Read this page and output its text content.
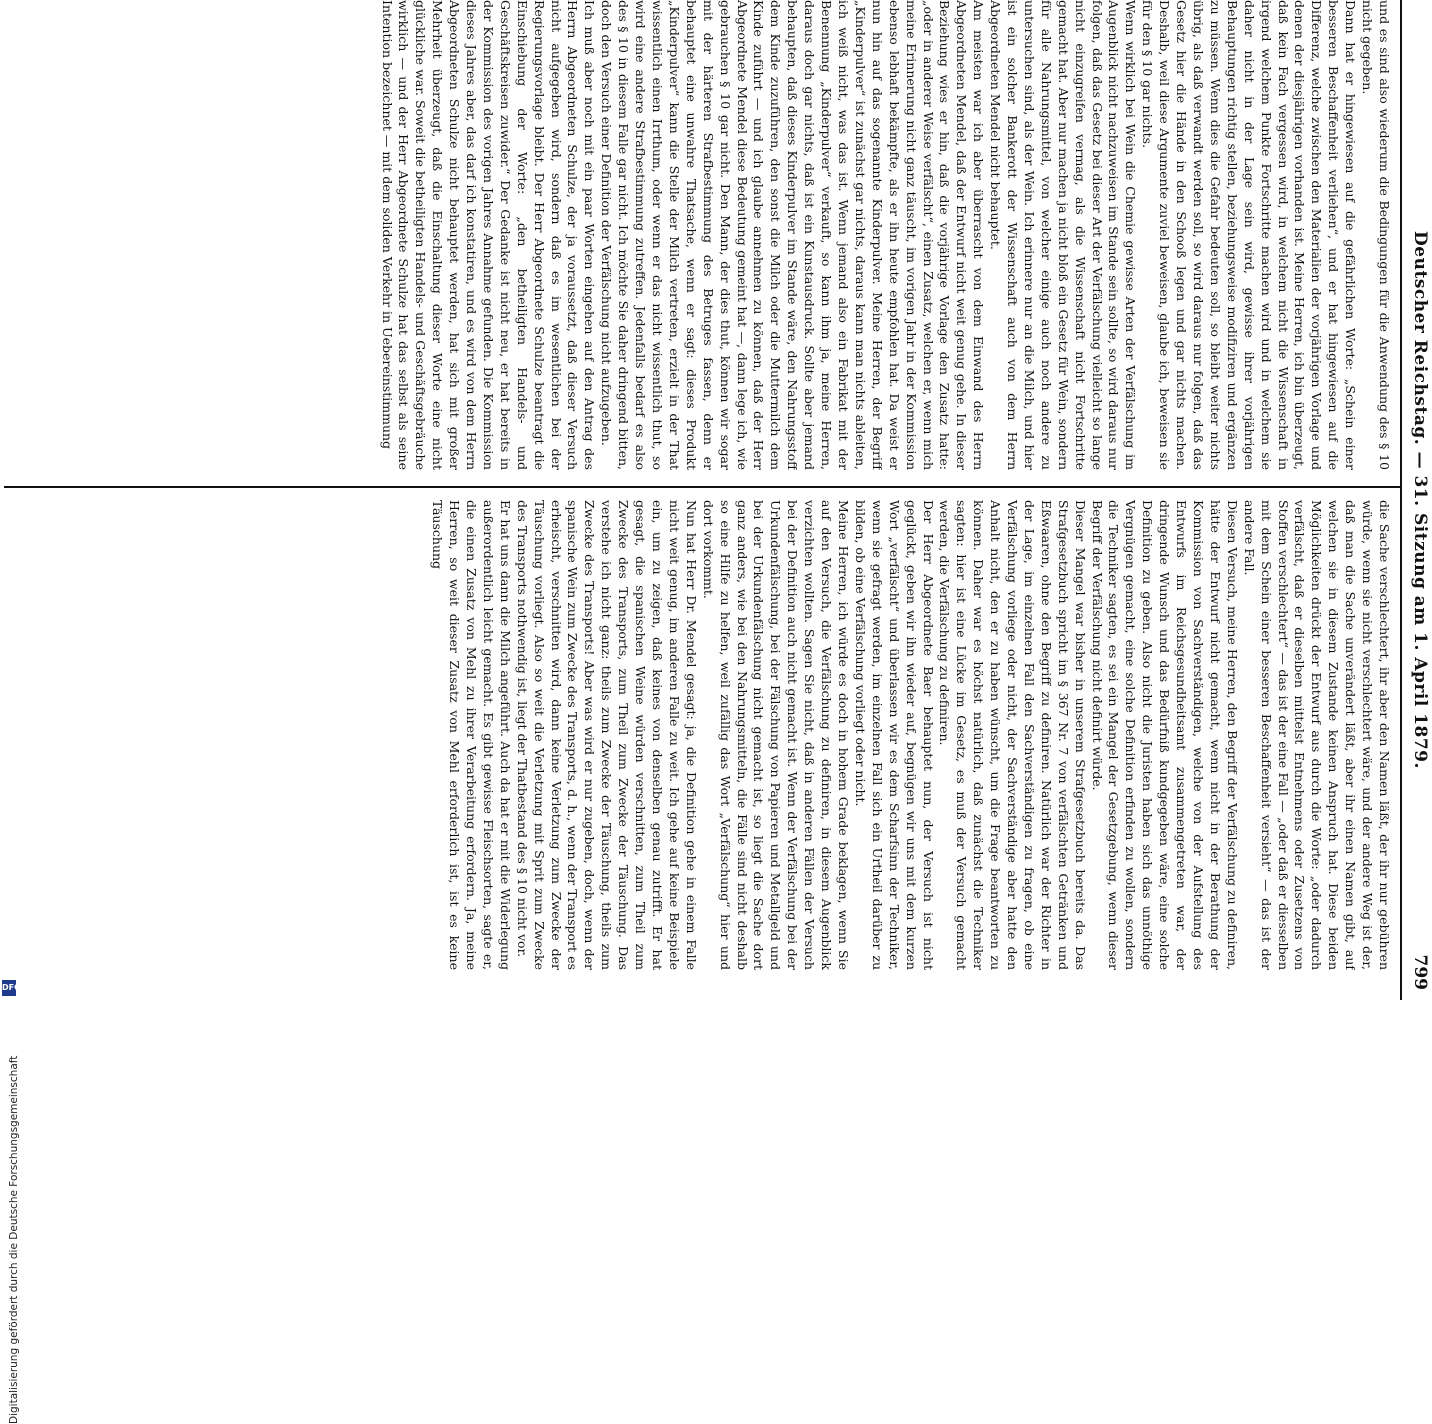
Deutscher Reichstag. — 31. Sitzung am 1. April 1879.
799

und es sind also wiederum die Bedingungen für die Anwendung des § 10 nicht gegeben.

Dann hat er hingewiesen auf die gefährlichen Worte: „Schein einer besseren Beschaffenheit verliehen“, und er hat hingewiesen auf die Differenz, welche zwischen den Materialien der vorjährigen Vorlage und denen der diesjährigen vorhanden ist. Meine Herren, ich bin überzeugt, daß kein Fach vergessen wird, in welchem nicht die Wissenschaft in irgend welchem Punkte Fortschritte machen wird und in welchem sie daher nicht in der Lage sein wird, gewisse ihrer vorjährigen Behauptungen richtig stellen, beziehungsweise modifiziren und ergänzen zu müssen. Wenn dies die Gefahr bedeuten soll, so bleibt weiter nichts übrig, als daß verwandt werden soll, so wird daraus nur folgen, daß das Gesetz hier die Hände in den Schooß legen und gar nichts machen. Deshalb, weil diese Argumente zuviel beweisen, glaube ich, beweisen sie für den § 10 gar nichts.

Wenn wirklich bei Wein die Chemie gewisse Arten der Verfälschung im Augenblick nicht nachzuweisen im Stande sein sollte, so wird daraus nur folgen, daß das Gesetz bei dieser Art der Verfälschung vielleicht so lange nicht einzugreifen vermag, als die Wissenschaft nicht Fortschritte gemacht hat. Aber nur machen ja nicht bloß ein Gesetz für Wein, sondern für alle Nahrungsmittel, von welcher einige auch noch andere zu untersuchen sind, als der Wein. Ich erinnere nur an die Milch, und hier ist ein solcher Bankerott der Wissenschaft auch von dem Herrn Abgeordneten Mendel nicht behauptet.

Am meisten war ich aber überrascht von dem Einwand des Herrn Abgeordneten Mendel, daß der Entwurf nicht weit genug gehe. In dieser Beziehung wies er hin, daß die vorjährige Vorlage den Zusatz hatte: „oder in anderer Weise verfälscht“, einen Zusatz, welchen er, wenn mich meine Erinnerung nicht ganz täuscht, im vorigen Jahr in der Kommission ebenso lebhaft bekämpfte, als er ihn heute empfohlen hat. Da weist er nun hin auf das sogenannte Kinderpulver. Meine Herren, der Begriff „Kinderpulver“ ist zunächst gar nichts, daraus kann man nichts ableiten, ich weiß nicht, was das ist. Wenn jemand also ein Fabrikat mit der Benennung „Kinderpulver“ verkauft, so kann ihm ja, meine Herren, daraus doch gar nichts, daß ist ein Kunstausdruck. Sollte aber jemand behaupten, daß dieses Kinderpulver im Stande wäre, den Nahrungsstoff dem Kinde zuzuführen, den sonst die Milch oder die Muttermilch dem Kinde zuführt — und ich glaube annehmen zu können, daß der Herr Abgeordnete Mendel diese Bedeutung gemeint hat —, dann lege ich, wie gebrauchen § 10 gar nicht. Den Mann, der dies thut, können wir sogar mit der härteren Strafbestimmung des Betruges fassen, denn er behauptet eine unwahre Thatsache, wenn er sagt: dieses Produkt „Kinderpulver“ kann die Stelle der Milch vertreten, erzielt in der That wissentlich einen Irrthum, oder wenn er das nicht wissentlich thut, so wird eine andere Strafbestimmung zutreffen. Jedenfalls bedarf es also des § 10 in diesem Falle gar nicht. Ich möchte Sie daher dringend bitten, doch den Versuch einer Definition der Verfälschung nicht aufzugeben.

Ich muß aber noch mit ein paar Worten eingehen auf den Antrag des Herrn Abgeordneten Schulze, der ja voraussetzt, daß dieser Versuch nicht aufgegeben wird, sondern daß es im wesentlichen bei der Regierungsvorlage bleibt. Der Herr Abgeordnete Schulze beantragt die Einschiebung der Worte: „den betheiligten Handels- und Geschäftskreisen zuwider.“ Der Gedanke ist nicht neu, er hat bereits in der Kommission des vorigen Jahres Annahme gefunden. Die Kommission dieses Jahres aber, das darf ich konstatiren, und es wird von dem Herrn Abgeordneten Schulze nicht behauptet werden, hat sich mit großer Mehrheit überzeugt, daß die Einschaltung dieser Worte eine nicht glückliche war. Soweit die betheiligten Handels- und Geschäftsgebräuche wirklich — und der Herr Abgeordnete Schulze hat das selbst als seine Intention bezeichnet — mit dem soliden Verkehr in Uebereinstimmung

die Sache verschlechtert, ihr aber den Namen läßt, der ihr nur gebühren würde, wenn sie nicht verschlechtert wäre, und der andere Weg ist der, daß man die Sache unverändert läßt, aber ihr einen Namen gibt, auf welchen sie in diesem Zustande keinen Anspruch hat. Diese beiden Möglichkeiten drückt der Entwurf aus durch die Worte: „oder dadurch verfälscht, daß er dieselben mittelst Entnehmens oder Zusetzens von Stoffen verschlechtert“ — das ist der eine Fall — „oder daß er diesselben mit dem Schein einer besseren Beschaffenheit versieht“ — das ist der andere Fall.

Diesen Versuch, meine Herren, den Begriff der Verfälschung zu definiren, hätte der Entwurf nicht gemacht, wenn nicht in der Berathung der Kommission von Sachverständigen, welche von der Aufstellung des Entwurfs im Reichsgesundheitsamt zusammengetreten war, der dringende Wunsch und das Bedürfniß kundgegeben wäre, eine solche Definition zu geben. Also nicht die Juristen haben sich das unnöthige Vergnügen gemacht, eine solche Definition erfinden zu wollen, sondern die Techniker sagten, es sei ein Mangel der Gesetzgebung, wenn dieser Begriff der Verfälschung nicht definirt würde.

Dieser Mangel war bisher in unserem Strafgesetzbuch bereits da. Das Strafgesetzbuch spricht im § 367 Nr. 7 von verfälschten Getränken und Eßwaaren, ohne den Begriff zu definiren. Natürlich war der Richter in der Lage, im einzelnen Fall den Sachverständigen zu fragen, ob eine Verfälschung vorliege oder nicht, der Sachverständige aber hatte den Anhalt nicht, den er zu haben wünscht, um die Frage beantworten zu können. Daher war es höchst natürlich, daß zunächst die Techniker sagten: hier ist eine Lücke im Gesetz, es muß der Versuch gemacht werden, die Verfälschung zu definiren.

Der Herr Abgeordnete Baer behauptet nun, der Versuch ist nicht geglückt, geben wir ihn wieder auf, begnügen wir uns mit dem kurzen Wort „verfälscht“ und überlassen wir es dem Scharfsinn der Techniker, wenn sie gefragt werden, im einzelnen Fall sich ein Urtheil darüber zu bilden, ob eine Verfälschung vorliegt oder nicht.

Meine Herren, ich würde es doch in hohem Grade beklagen, wenn Sie auf den Versuch, die Verfälschung zu definiren, in diesem Augenblick verzichten wollten. Sagen Sie nicht, daß in anderen Fällen der Versuch bei der Definition auch nicht gemacht ist. Wenn der Verfälschung bei der Urkundenfälschung, bei der Fälschung von Papieren und Metallgeld und bei der Urkundenfälschung nicht gemacht ist, so liegt die Sache dort ganz anders, wie bei den Nahrungsmitteln, die Fälle sind nicht deshalb so eine Hilfe zu helfen, weil zufällig das Wort „Verfälschung“ hier und dort vorkommt.

Nun hat Herr Dr. Mendel gesagt: ja, die Definition gehe in einem Falle nicht weit genug, im anderen Falle zu weit. Ich gehe auf keine Beispiele ein, um zu zeigen, daß keines von denselben genau zutrifft. Er hat gesagt, die spanischen Weine würden verschnitten, zum Theil zum Zwecke des Transports, zum Theil zum Zwecke der Täuschung. Das verstehe ich nicht ganz: theils zum Zwecke der Täuschung, theils zum Zwecke des Transports! Aber was wird er nur zugeben, doch, wenn der spanische Wein zum Zwecke des Transports, d. h., wenn der Transport es erheischt, verschnitten wird, dann keine Verletzung zum Zwecke der Täuschung vorliegt. Also so weit die Verletzung mit Sprit zum Zwecke des Transports nothwendig ist, liegt der Thatbestand des § 10 nicht vor.

Er hat uns dann die Milch angeführt. Auch da hat er mit die Widerlegung außerordentlich leicht gemacht. Es gibt gewisse Fleischsorten, sagte er, die einen Zusatz von Mehl zu ihrer Verarbeitung erfordern. Ja, meine Herren, so weit dieser Zusatz von Mehl erforderlich ist, ist es keine Täuschung

Digitalisierung gefördert durch die Deutsche Forschungsgemeinschaft
DFG
